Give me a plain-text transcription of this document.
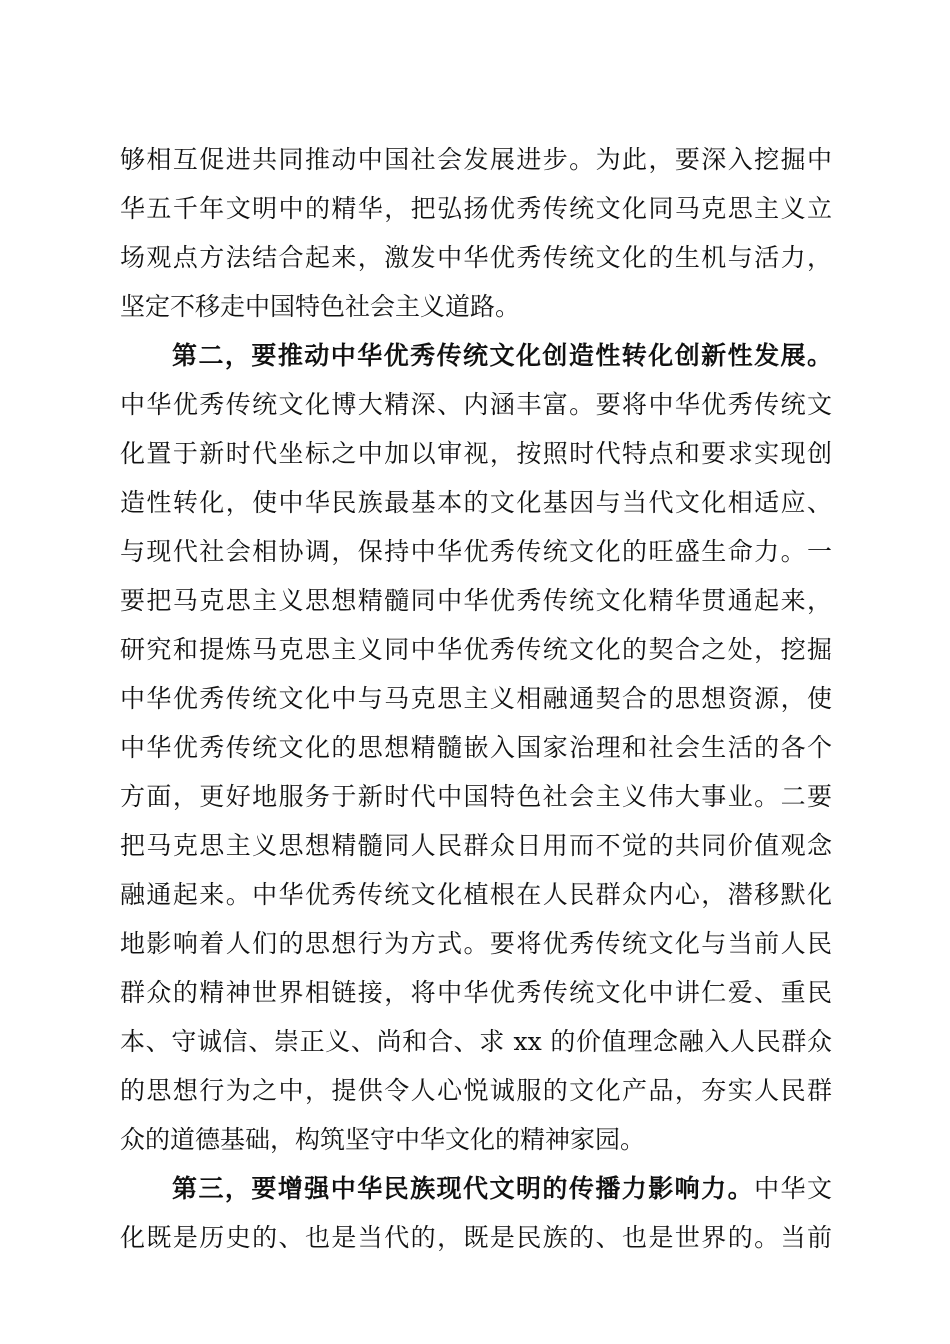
够相互促进共同推动中国社会发展进步。为此，要深入挖掘中
华五千年文明中的精华，把弘扬优秀传统文化同马克思主义立
场观点方法结合起来，激发中华优秀传统文化的生机与活力，
坚定不移走中国特色社会主义道路。
第二，要推动中华优秀传统文化创造性转化创新性发展。
中华优秀传统文化博大精深、内涵丰富。要将中华优秀传统文
化置于新时代坐标之中加以审视，按照时代特点和要求实现创
造性转化，使中华民族最基本的文化基因与当代文化相适应、
与现代社会相协调，保持中华优秀传统文化的旺盛生命力。一
要把马克思主义思想精髓同中华优秀传统文化精华贯通起来，
研究和提炼马克思主义同中华优秀传统文化的契合之处，挖掘
中华优秀传统文化中与马克思主义相融通契合的思想资源，使
中华优秀传统文化的思想精髓嵌入国家治理和社会生活的各个
方面，更好地服务于新时代中国特色社会主义伟大事业。二要
把马克思主义思想精髓同人民群众日用而不觉的共同价值观念
融通起来。中华优秀传统文化植根在人民群众内心，潜移默化
地影响着人们的思想行为方式。要将优秀传统文化与当前人民
群众的精神世界相链接，将中华优秀传统文化中讲仁爱、重民
本、守诚信、崇正义、尚和合、求 xx 的价值理念融入人民群众
的思想行为之中，提供令人心悦诚服的文化产品，夯实人民群
众的道德基础，构筑坚守中华文化的精神家园。
第三，要增强中华民族现代文明的传播力影响力。中华文
化既是历史的、也是当代的，既是民族的、也是世界的。当前
